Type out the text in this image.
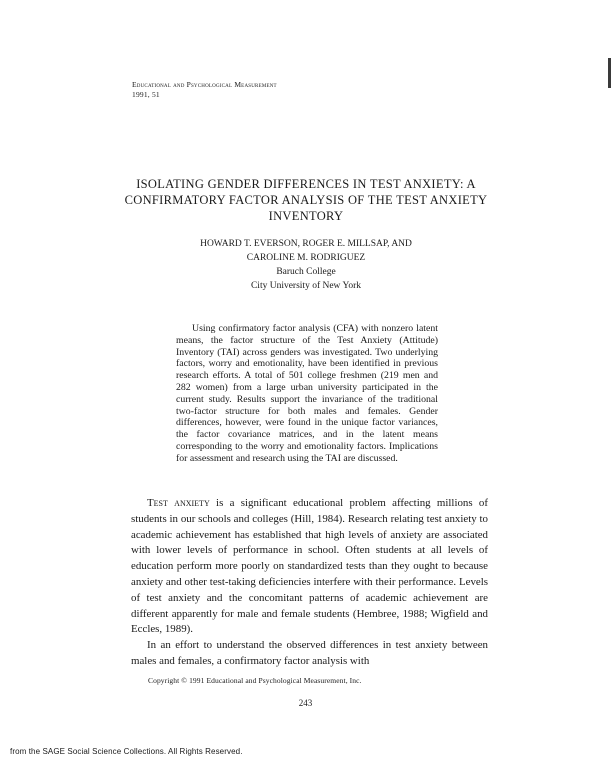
Educational and Psychological Measurement
1991, 51
ISOLATING GENDER DIFFERENCES IN TEST ANXIETY: A CONFIRMATORY FACTOR ANALYSIS OF THE TEST ANXIETY INVENTORY
HOWARD T. EVERSON, ROGER E. MILLSAP, AND
CAROLINE M. RODRIGUEZ
Baruch College
City University of New York
Using confirmatory factor analysis (CFA) with nonzero latent means, the factor structure of the Test Anxiety (Attitude) Inventory (TAI) across genders was investigated. Two underlying factors, worry and emotionality, have been identified in previous research efforts. A total of 501 college freshmen (219 men and 282 women) from a large urban university participated in the current study. Results support the invariance of the traditional two-factor structure for both males and females. Gender differences, however, were found in the unique factor variances, the factor covariance matrices, and in the latent means corresponding to the worry and emotionality factors. Implications for assessment and research using the TAI are discussed.

Test anxiety is a significant educational problem affecting millions of students in our schools and colleges (Hill, 1984). Research relating test anxiety to academic achievement has established that high levels of anxiety are associated with lower levels of performance in school. Often students at all levels of education perform more poorly on standardized tests than they ought to because anxiety and other test-taking deficiencies interfere with their performance. Levels of test anxiety and the concomitant patterns of academic achievement are different apparently for male and female students (Hembree, 1988; Wigfield and Eccles, 1989).

In an effort to understand the observed differences in test anxiety between males and females, a confirmatory factor analysis with

Copyright © 1991 Educational and Psychological Measurement, Inc.
243
from the SAGE Social Science Collections. All Rights Reserved.
